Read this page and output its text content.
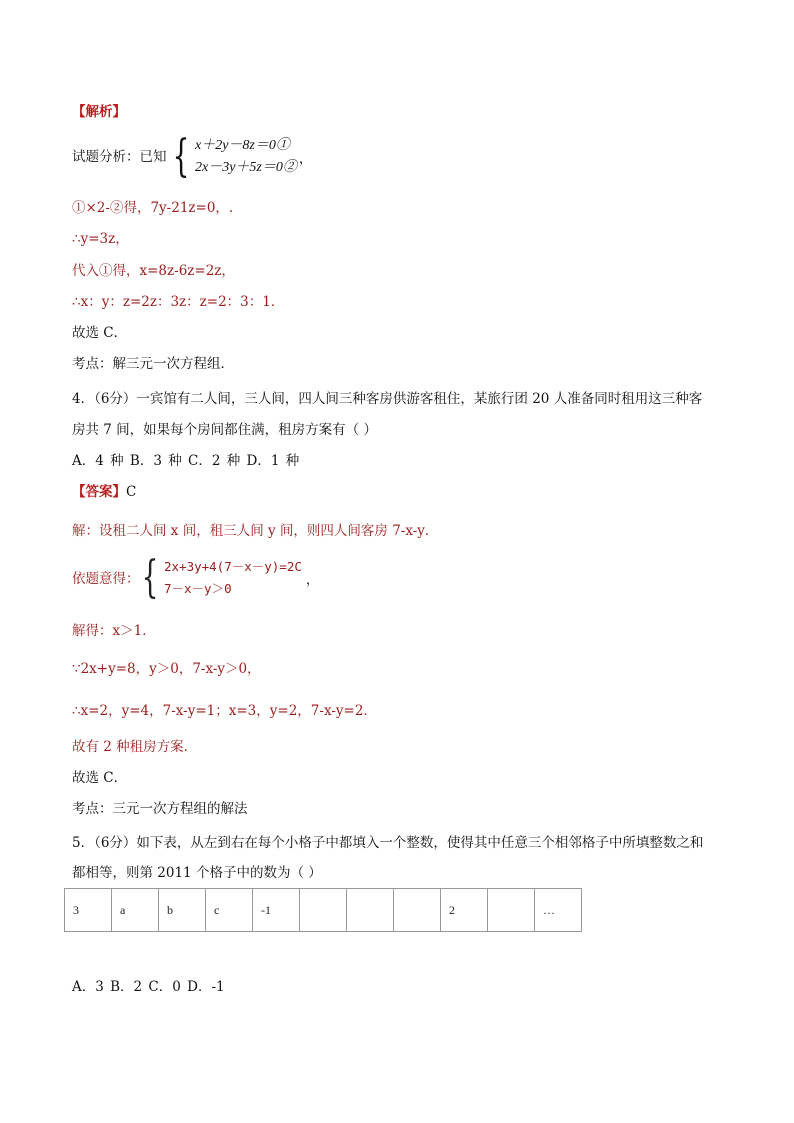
【解析】
试题分析：已知 { x＋2y－8z＝0①
2x－3y＋5z＝0②
，
①×2-②得，7y-21z=0，.
∴y=3z，
代入①得，x=8z-6z=2z，
∴x：y：z=2z：3z：z=2：3：1．
故选 C．
考点：解三元一次方程组．
4．（6分）一宾馆有二人间，三人间，四人间三种客房供游客租住，某旅行团 20 人准备同时租用这三种客
房共 7 间，如果每个房间都住满，租房方案有（ ）
A．4 种 B．3 种 C．2 种 D．1 种
【答案】C
解：设租二人间 x 间，租三人间 y 间，则四人间客房 7-x-y．
依题意得： { 2x+3y+4(7－x－y)=2C
7－x－y＞0
，
解得：x＞1．
∵2x+y=8，y＞0，7-x-y＞0，
∴x=2，y=4，7-x-y=1；x=3，y=2，7-x-y=2．
故有 2 种租房方案．
故选 C．
考点：三元一次方程组的解法
5．（6分）如下表，从左到右在每个小格子中都填入一个整数，使得其中任意三个相邻格子中所填整数之和
都相等，则第 2011 个格子中的数为（ ）
3	a	b	c	-1				2		…
A．3 B．2 C．0 D．-1
